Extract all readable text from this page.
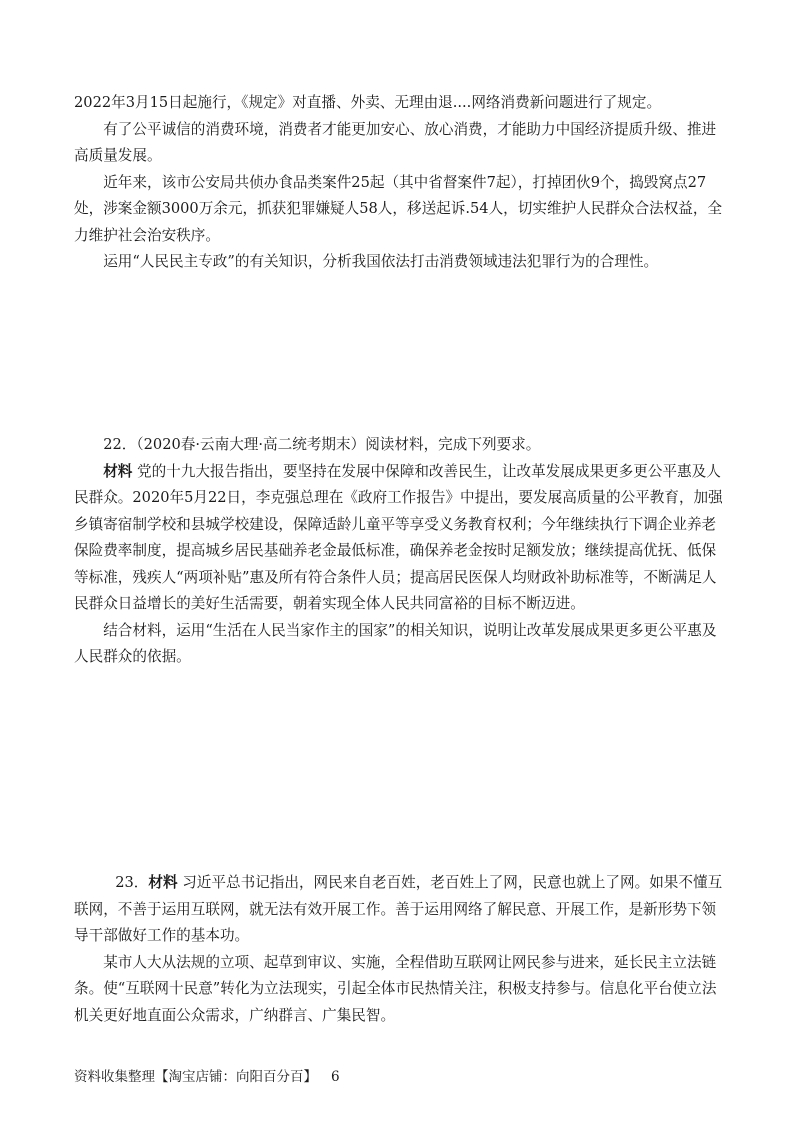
2022年3月15日起施行，《规定》对直播、外卖、无理由退....网络消费新问题进行了规定。

有了公平诚信的消费环境，消费者才能更加安心、放心消费，才能助力中国经济提质升级、推进高质量发展。

近年来，该市公安局共侦办食品类案件25起（其中省督案件7起），打掉团伙9个，捣毁窝点27处，涉案金额3000万余元，抓获犯罪嫌疑人58人，移送起诉.54人，切实维护人民群众合法权益，全力维护社会治安秩序。

运用“人民民主专政”的有关知识，分析我国依法打击消费领域违法犯罪行为的合理性。

22．（2020春·云南大理·高二统考期末）阅读材料，完成下列要求。

材料 党的十九大报告指出，要坚持在发展中保障和改善民生，让改革发展成果更多更公平惠及人民群众。2020年5月22日，李克强总理在《政府工作报告》中提出，要发展高质量的公平教育，加强乡镇寄宿制学校和县城学校建设，保障适龄儿童平等享受义务教育权利；今年继续执行下调企业养老保险费率制度，提高城乡居民基础养老金最低标准，确保养老金按时足额发放；继续提高优抚、低保等标准，残疾人“两项补贴”惠及所有符合条件人员；提高居民医保人均财政补助标准等，不断满足人民群众日益增长的美好生活需要，朝着实现全体人民共同富裕的目标不断迈进。

结合材料，运用“生活在人民当家作主的国家”的相关知识，说明让改革发展成果更多更公平惠及人民群众的依据。

23．材料 习近平总书记指出，网民来自老百姓，老百姓上了网，民意也就上了网。如果不懂互联网，不善于运用互联网，就无法有效开展工作。善于运用网络了解民意、开展工作，是新形势下领导干部做好工作的基本功。

某市人大从法规的立项、起草到审议、实施，全程借助互联网让网民参与进来，延长民主立法链条。使“互联网十民意”转化为立法现实，引起全体市民热情关注，积极支持参与。信息化平台使立法机关更好地直面公众需求，广纳群言、广集民智。

资料收集整理【淘宝店铺：向阳百分百】 6
